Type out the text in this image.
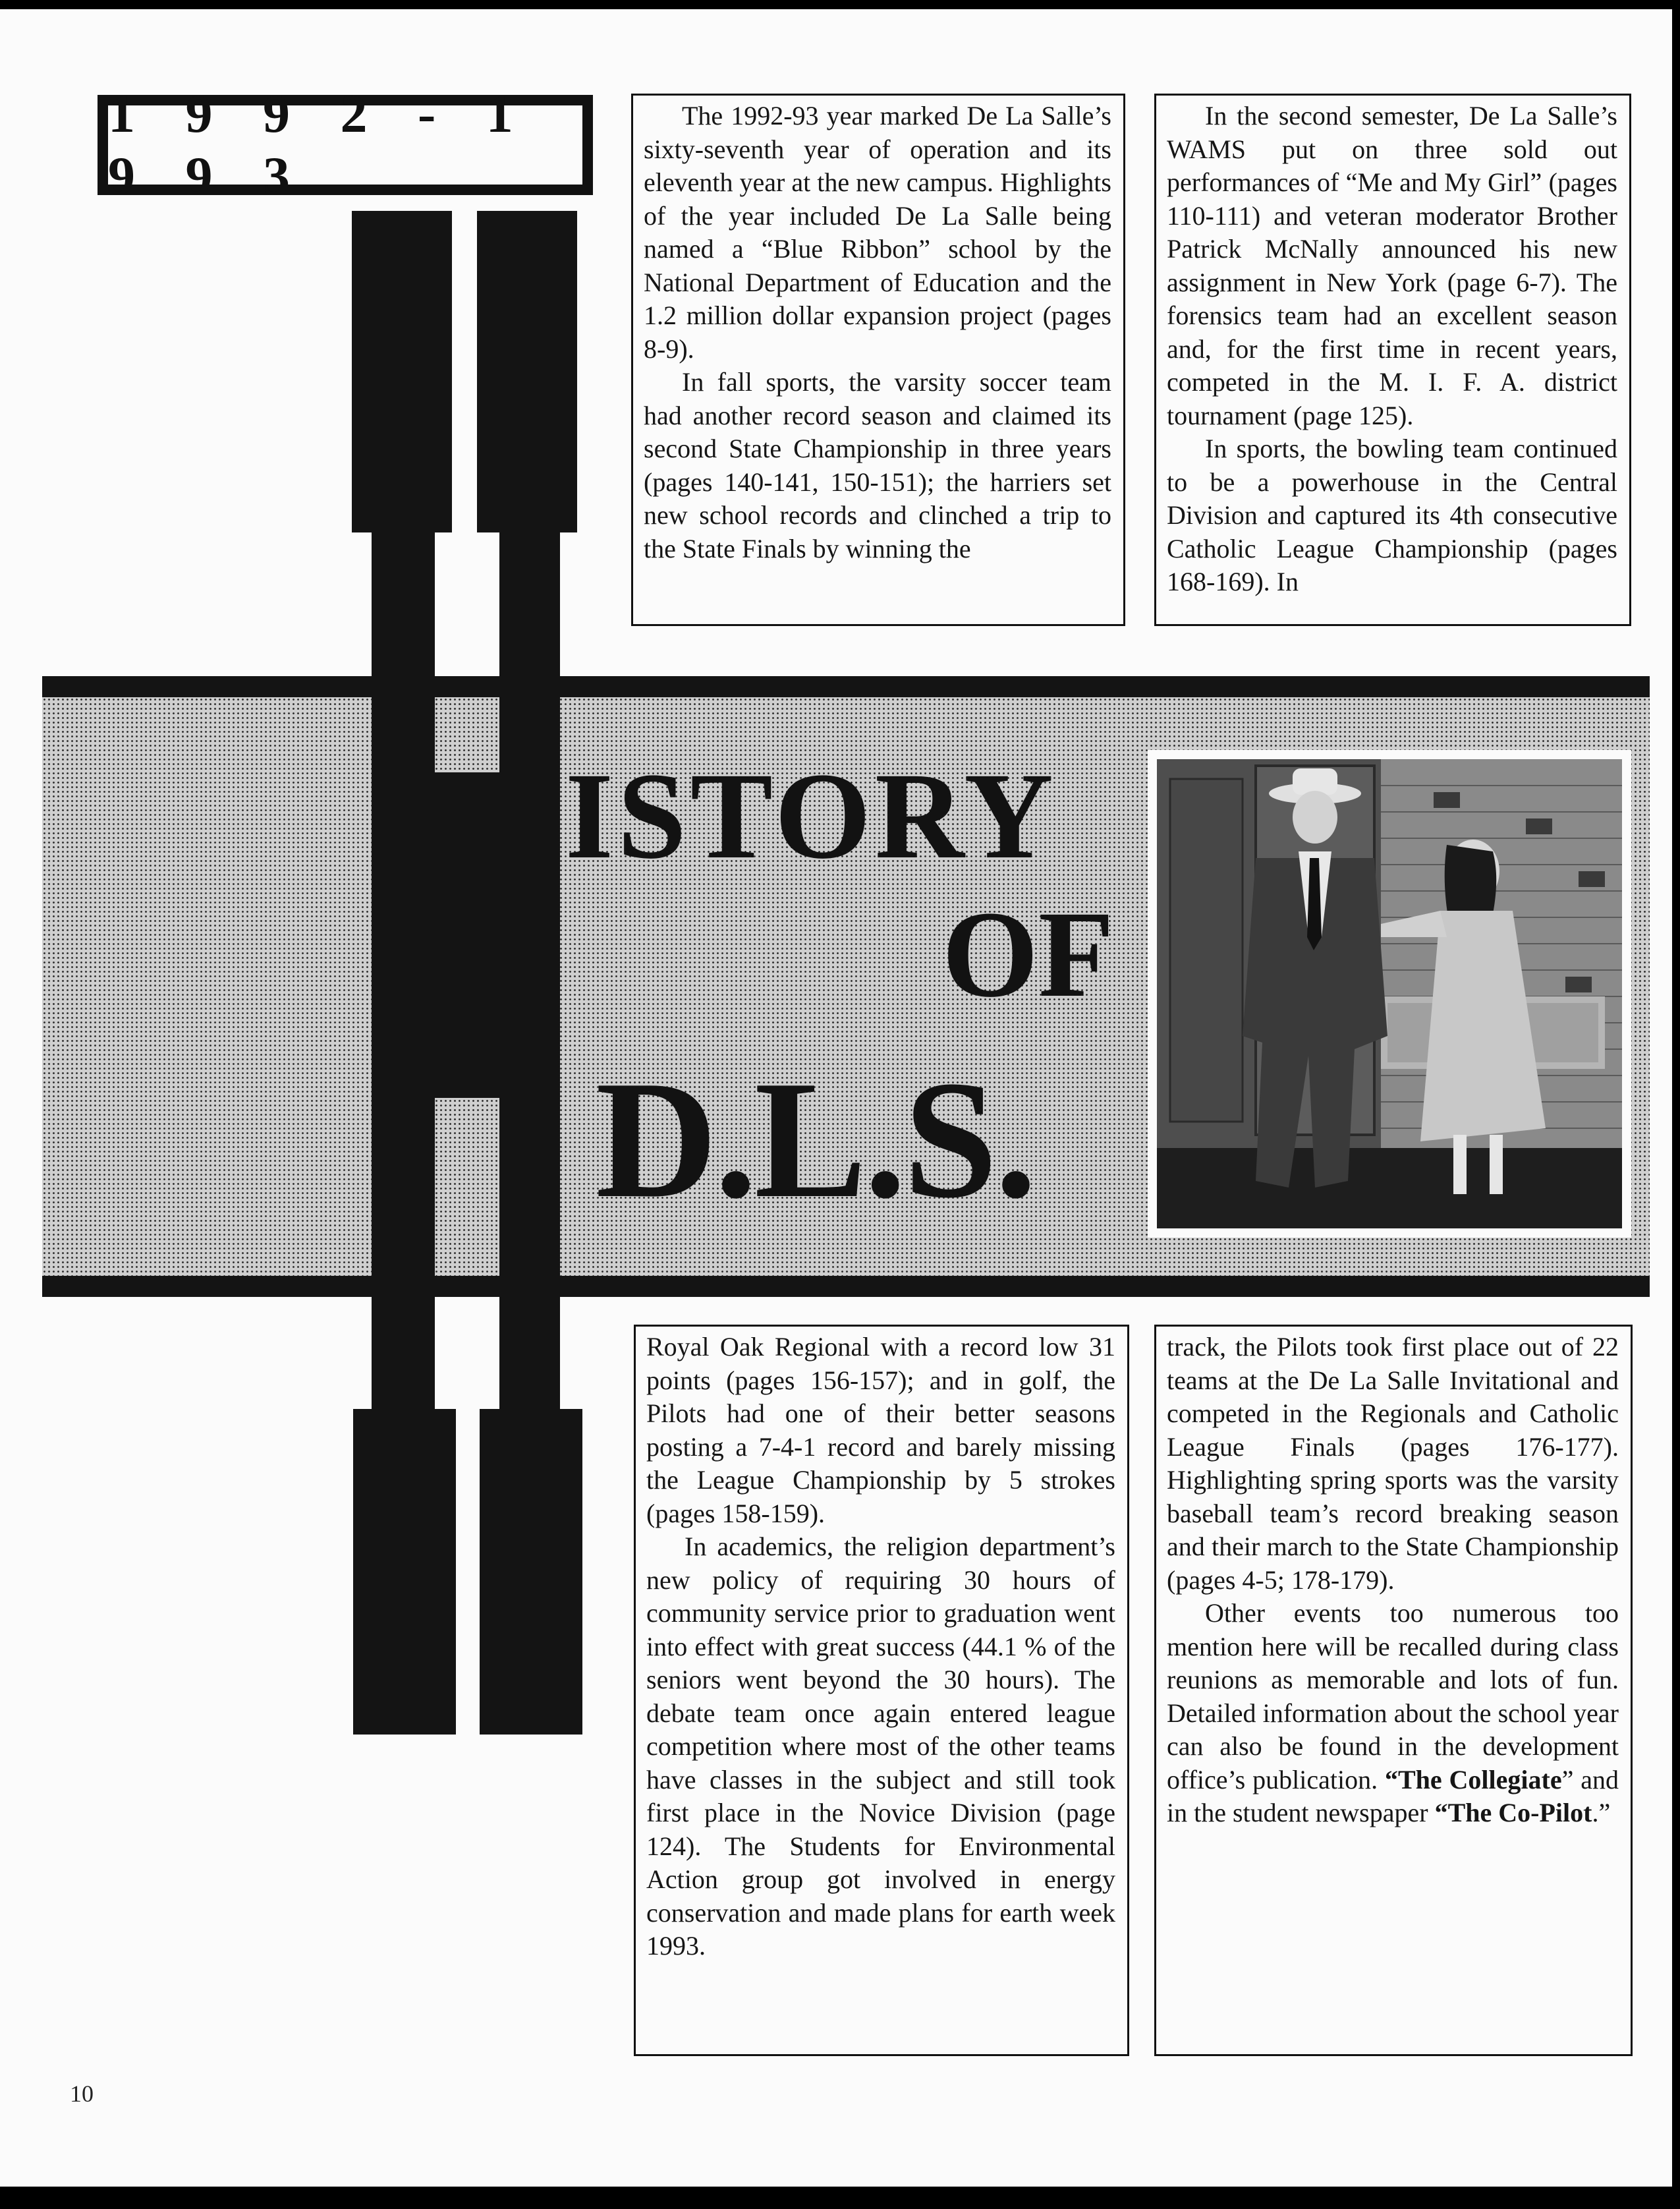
1 9 9 2 - 1 9 9 3
ISTORY
OF
D.L.S.

The 1992-93 year marked De La Salle’s sixty-seventh year of operation and its eleventh year at the new campus. Highlights of the year included De La Salle being named a “Blue Ribbon” school by the National Department of Education and the 1.2 million dollar expansion project (pages 8-9).

In fall sports, the varsity soccer team had another record season and claimed its second State Championship in three years (pages 140-141, 150-151); the harriers set new school records and clinched a trip to the State Finals by winning the

In the second semester, De La Salle’s WAMS put on three sold out performances of “Me and My Girl” (pages 110-111) and veteran moderator Brother Patrick McNally announced his new assignment in New York (page 6-7). The forensics team had an excellent season and, for the first time in recent years, competed in the M. I. F. A. district tournament (page 125).

In sports, the bowling team continued to be a powerhouse in the Central Division and captured its 4th consecutive Catholic League Championship (pages 168-169). In

Royal Oak Regional with a record low 31 points (pages 156-157); and in golf, the Pilots had one of their better seasons posting a 7-4-1 record and barely missing the League Championship by 5 strokes (pages 158-159).

In academics, the religion department’s new policy of requiring 30 hours of community service prior to graduation went into effect with great success (44.1 % of the seniors went beyond the 30 hours). The debate team once again entered league competition where most of the other teams have classes in the subject and still took first place in the Novice Division (page 124). The Students for Environmental Action group got involved in energy conservation and made plans for earth week 1993.

track, the Pilots took first place out of 22 teams at the De La Salle Invitational and competed in the Regionals and Catholic League Finals (pages 176-177). Highlighting spring sports was the varsity baseball team’s record breaking season and their march to the State Championship (pages 4-5; 178-179).

Other events too numerous too mention here will be recalled during class reunions as memorable and lots of fun. Detailed information about the school year can also be found in the development office’s publication. “The Collegiate” and in the student newspaper “The Co-Pilot.”

10
